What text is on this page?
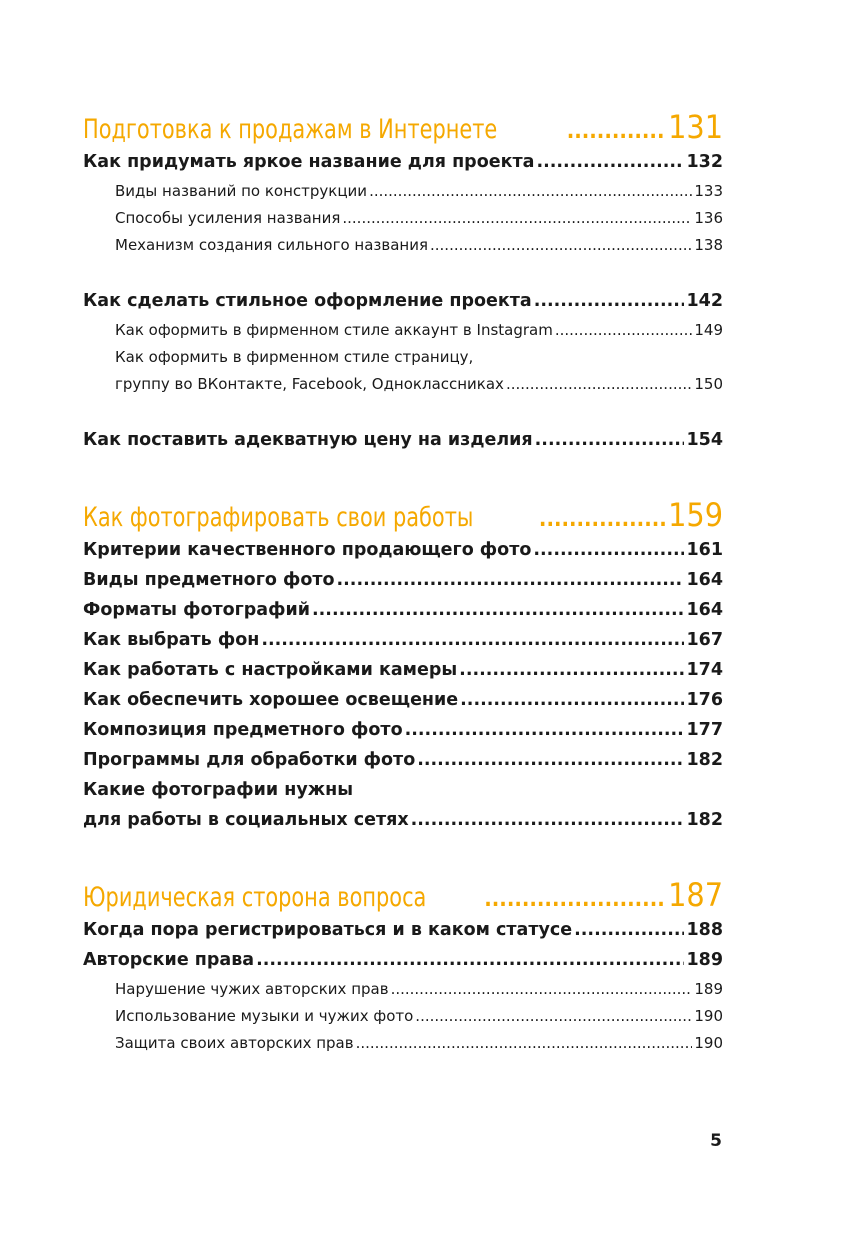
Подготовка к продажам в Интернете .....	131
Как придумать яркое название для проекта .....	132
Виды названий по конструкции .....	133
Способы усиления названия .....	136
Механизм создания сильного названия .....	138
Как сделать стильное оформление проекта .....	142
Как оформить в фирменном стиле аккаунт в Instagram .....	149
Как оформить в фирменном стиле страницу,
группу во ВКонтакте, Facebook, Одноклассниках .....	150
Как поставить адекватную цену на изделия .....	154
Как фотографировать свои работы .....	159
Критерии качественного продающего фото .....	161
Виды предметного фото .....	164
Форматы фотографий .....	164
Как выбрать фон .....	167
Как работать с настройками камеры .....	174
Как обеспечить хорошее освещение .....	176
Композиция предметного фото .....	177
Программы для обработки фото .....	182
Какие фотографии нужны
для работы в социальных сетях .....	182
Юридическая сторона вопроса .....	187
Когда пора регистрироваться и в каком статусе .....	188
Авторские права .....	189
Нарушение чужих авторских прав .....	189
Использование музыки и чужих фото .....	190
Защита своих авторских прав .....	190
5
